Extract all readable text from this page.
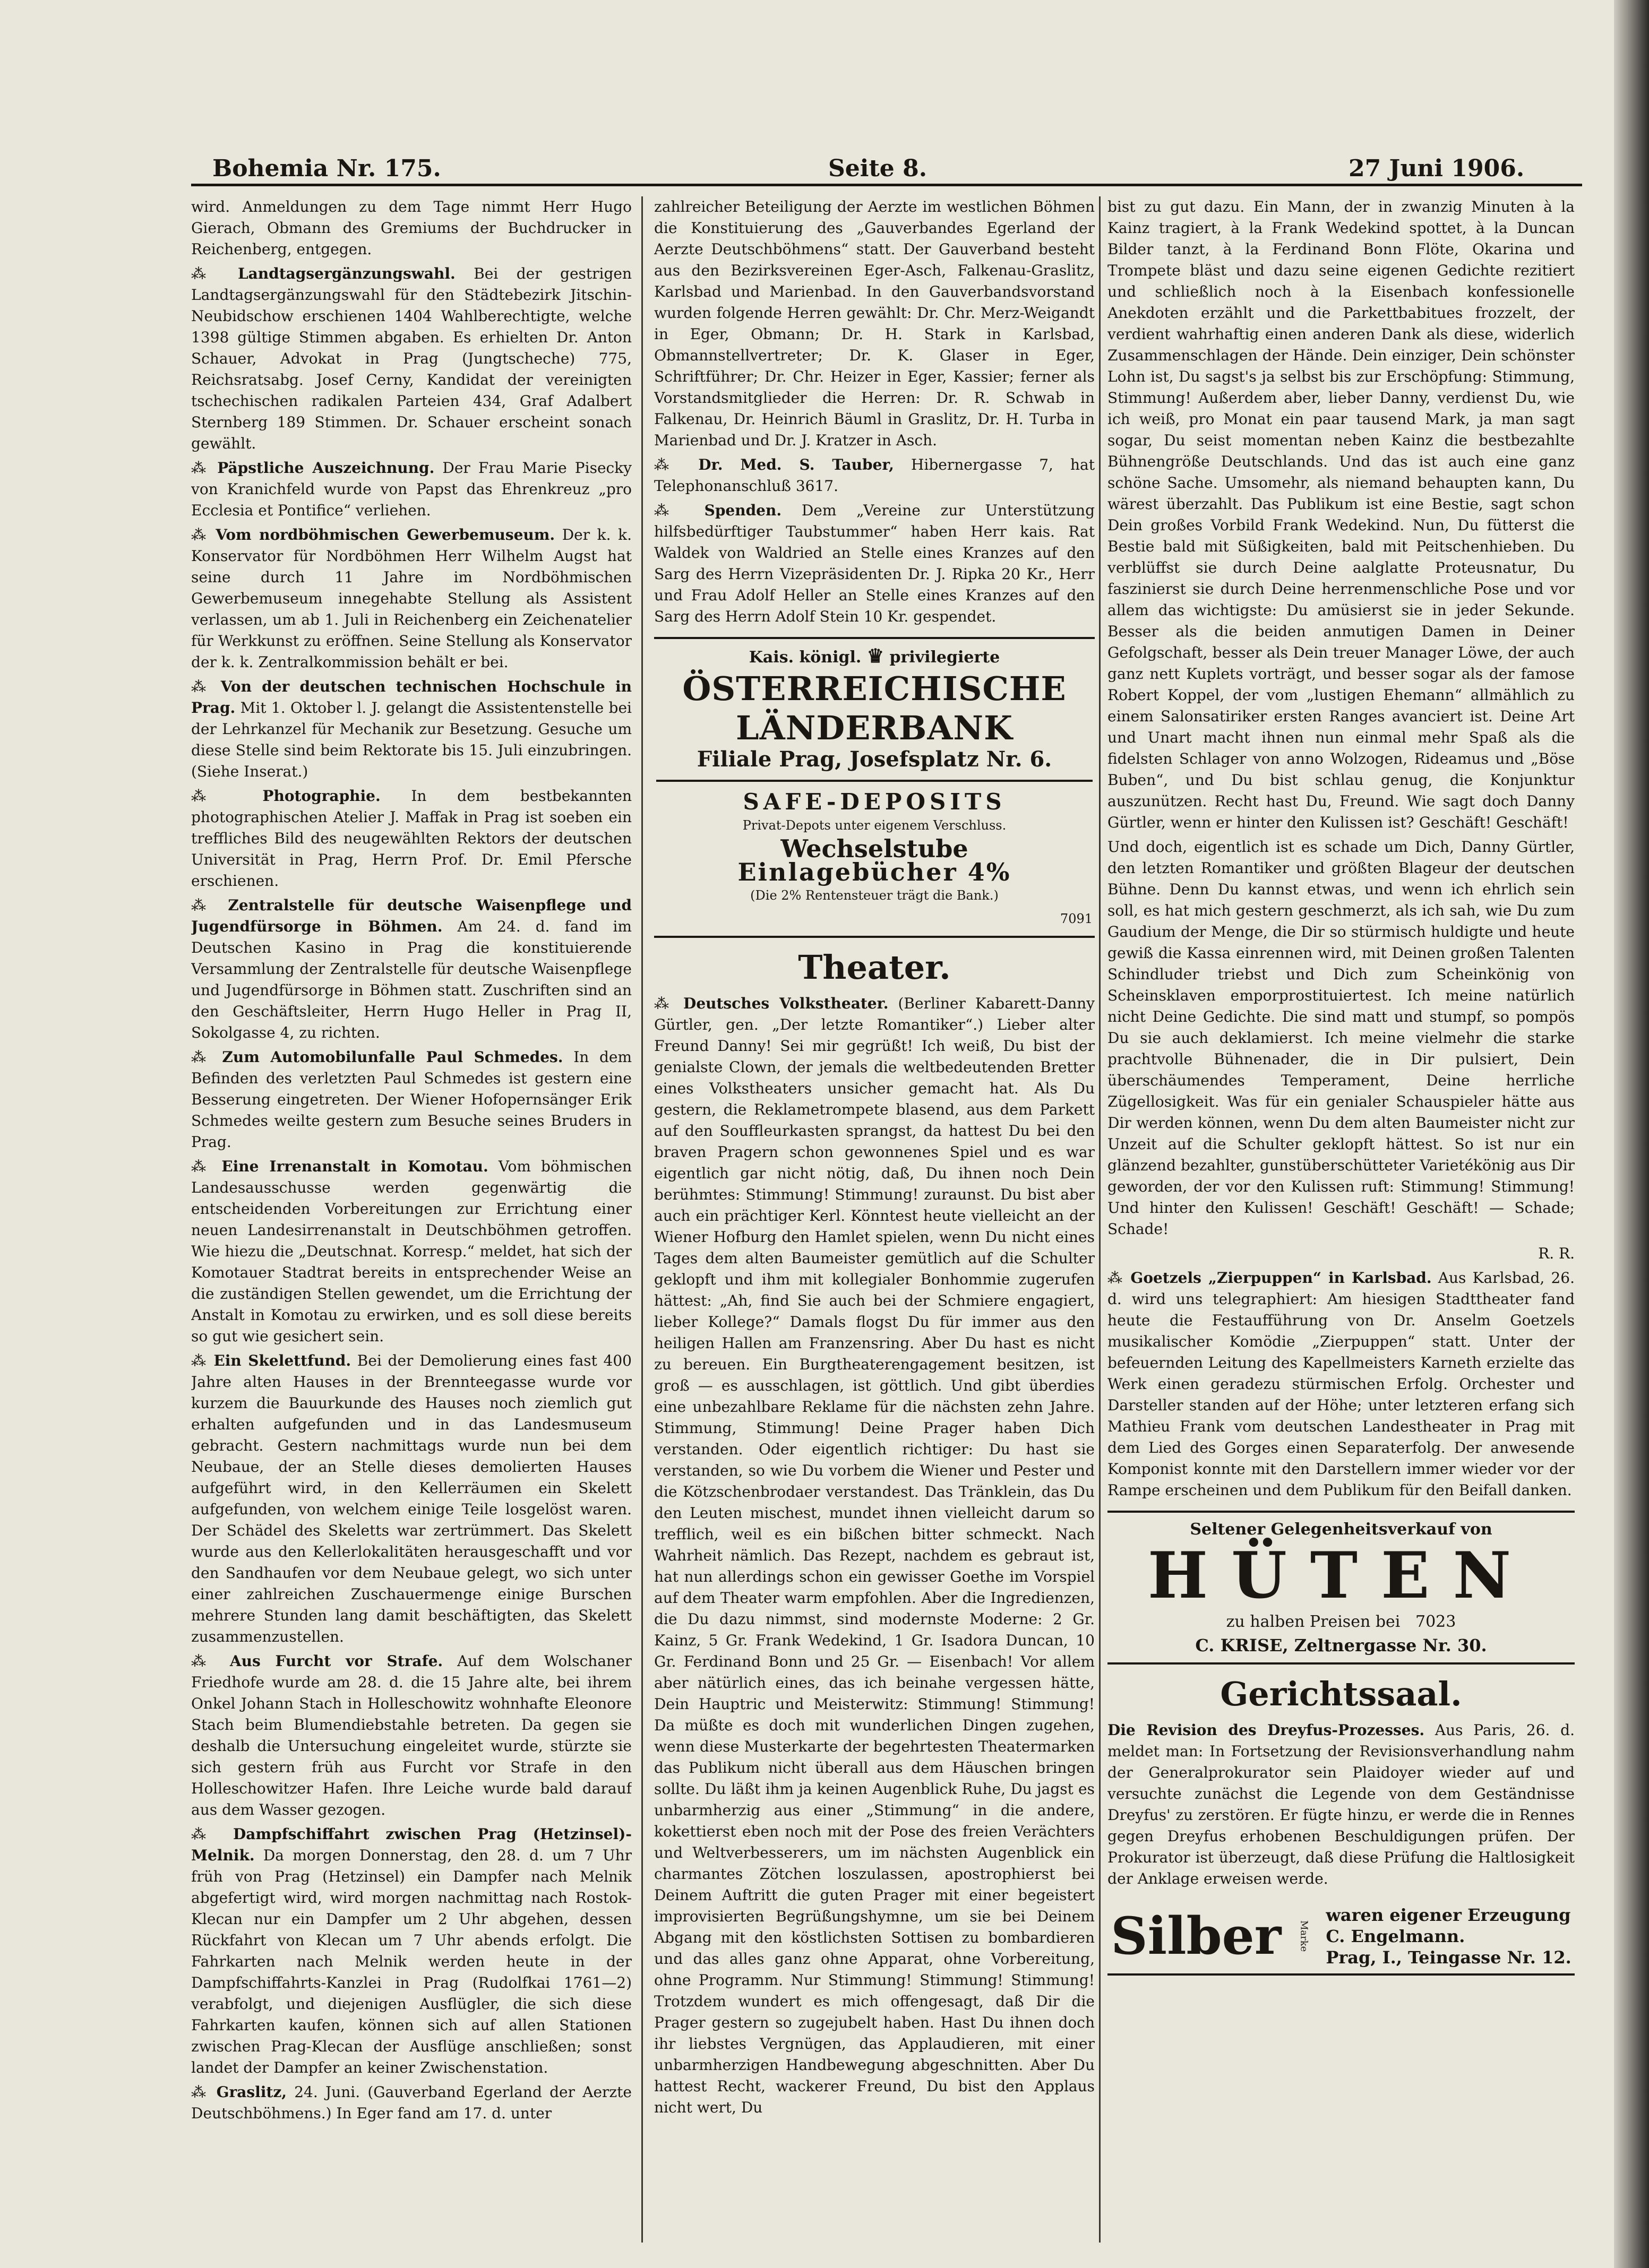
Bohemia Nr. 175.	Seite 8.	27 Juni 1906.

wird. Anmeldungen zu dem Tage nimmt Herr Hugo Gierach, Obmann des Gremiums der Buchdrucker in Reichenberg, entgegen.

⁂ Landtagsergänzungswahl. Bei der gestrigen Landtagsergänzungswahl für den Städtebezirk Jitschin-Neubidschow erschienen 1404 Wahlberechtigte, welche 1398 gültige Stimmen abgaben. Es erhielten Dr. Anton Schauer, Advokat in Prag (Jungtscheche) 775, Reichsratsabg. Josef Cerny, Kandidat der vereinigten tschechischen radikalen Parteien 434, Graf Adalbert Sternberg 189 Stimmen. Dr. Schauer erscheint sonach gewählt.

⁂ Päpstliche Auszeichnung. Der Frau Marie Pisecky von Kranichfeld wurde von Papst das Ehrenkreuz „pro Ecclesia et Pontifice“ verliehen.

⁂ Vom nordböhmischen Gewerbemuseum. Der k. k. Konservator für Nordböhmen Herr Wilhelm Augst hat seine durch 11 Jahre im Nordböhmischen Gewerbemuseum innegehabte Stellung als Assistent verlassen, um ab 1. Juli in Reichenberg ein Zeichenatelier für Werkkunst zu eröffnen. Seine Stellung als Konservator der k. k. Zentralkommission behält er bei.

⁂ Von der deutschen technischen Hochschule in Prag. Mit 1. Oktober l. J. gelangt die Assistentenstelle bei der Lehrkanzel für Mechanik zur Besetzung. Gesuche um diese Stelle sind beim Rektorate bis 15. Juli einzubringen. (Siehe Inserat.)

⁂ Photographie. In dem bestbekannten photographischen Atelier J. Maffak in Prag ist soeben ein treffliches Bild des neugewählten Rektors der deutschen Universität in Prag, Herrn Prof. Dr. Emil Pfersche erschienen.

⁂ Zentralstelle für deutsche Waisenpflege und Jugendfürsorge in Böhmen. Am 24. d. fand im Deutschen Kasino in Prag die konstituierende Versammlung der Zentralstelle für deutsche Waisenpflege und Jugendfürsorge in Böhmen statt. Zuschriften sind an den Geschäftsleiter, Herrn Hugo Heller in Prag II, Sokolgasse 4, zu richten.

⁂ Zum Automobilunfalle Paul Schmedes. In dem Befinden des verletzten Paul Schmedes ist gestern eine Besserung eingetreten. Der Wiener Hofopernsänger Erik Schmedes weilte gestern zum Besuche seines Bruders in Prag.

⁂ Eine Irrenanstalt in Komotau. Vom böhmischen Landesausschusse werden gegenwärtig die entscheidenden Vorbereitungen zur Errichtung einer neuen Landesirrenanstalt in Deutschböhmen getroffen. Wie hiezu die „Deutschnat. Korresp.“ meldet, hat sich der Komotauer Stadtrat bereits in entsprechender Weise an die zuständigen Stellen gewendet, um die Errichtung der Anstalt in Komotau zu erwirken, und es soll diese bereits so gut wie gesichert sein.

⁂ Ein Skelettfund. Bei der Demolierung eines fast 400 Jahre alten Hauses in der Brennteegasse wurde vor kurzem die Bauurkunde des Hauses noch ziemlich gut erhalten aufgefunden und in das Landesmuseum gebracht. Gestern nachmittags wurde nun bei dem Neubaue, der an Stelle dieses demolierten Hauses aufgeführt wird, in den Kellerräumen ein Skelett aufgefunden, von welchem einige Teile losgelöst waren. Der Schädel des Skeletts war zertrümmert. Das Skelett wurde aus den Kellerlokalitäten herausgeschafft und vor den Sandhaufen vor dem Neubaue gelegt, wo sich unter einer zahlreichen Zuschauermenge einige Burschen mehrere Stunden lang damit beschäftigten, das Skelett zusammenzustellen.

⁂ Aus Furcht vor Strafe. Auf dem Wolschaner Friedhofe wurde am 28. d. die 15 Jahre alte, bei ihrem Onkel Johann Stach in Holleschowitz wohnhafte Eleonore Stach beim Blumendiebstahle betreten. Da gegen sie deshalb die Untersuchung eingeleitet wurde, stürzte sie sich gestern früh aus Furcht vor Strafe in den Holleschowitzer Hafen. Ihre Leiche wurde bald darauf aus dem Wasser gezogen.

⁂ Dampfschiffahrt zwischen Prag (Hetzinsel)-Melnik. Da morgen Donnerstag, den 28. d. um 7 Uhr früh von Prag (Hetzinsel) ein Dampfer nach Melnik abgefertigt wird, wird morgen nachmittag nach Rostok-Klecan nur ein Dampfer um 2 Uhr abgehen, dessen Rückfahrt von Klecan um 7 Uhr abends erfolgt. Die Fahrkarten nach Melnik werden heute in der Dampfschiffahrts-Kanzlei in Prag (Rudolfkai 1761—2) verabfolgt, und diejenigen Ausflügler, die sich diese Fahrkarten kaufen, können sich auf allen Stationen zwischen Prag-Klecan der Ausflüge anschließen; sonst landet der Dampfer an keiner Zwischenstation.

⁂ Graslitz, 24. Juni. (Gauverband Egerland der Aerzte Deutschböhmens.) In Eger fand am 17. d. unter

zahlreicher Beteiligung der Aerzte im westlichen Böhmen die Konstituierung des „Gauverbandes Egerland der Aerzte Deutschböhmens“ statt. Der Gauverband besteht aus den Bezirksvereinen Eger-Asch, Falkenau-Graslitz, Karlsbad und Marienbad. In den Gauverbandsvorstand wurden folgende Herren gewählt: Dr. Chr. Merz-Weigandt in Eger, Obmann; Dr. H. Stark in Karlsbad, Obmannstellvertreter; Dr. K. Glaser in Eger, Schriftführer; Dr. Chr. Heizer in Eger, Kassier; ferner als Vorstandsmitglieder die Herren: Dr. R. Schwab in Falkenau, Dr. Heinrich Bäuml in Graslitz, Dr. H. Turba in Marienbad und Dr. J. Kratzer in Asch.

⁂ Dr. Med. S. Tauber, Hibernergasse 7, hat Telephonanschluß 3617.

⁂ Spenden. Dem „Vereine zur Unterstützung hilfsbedürftiger Taubstummer“ haben Herr kais. Rat Waldek von Waldried an Stelle eines Kranzes auf den Sarg des Herrn Vizepräsidenten Dr. J. Ripka 20 Kr., Herr und Frau Adolf Heller an Stelle eines Kranzes auf den Sarg des Herrn Adolf Stein 10 Kr. gespendet.

Kais. königl. ♛ privilegierte
ÖSTERREICHISCHE LÄNDERBANK
Filiale Prag, Josefsplatz Nr. 6.
SAFE-DEPOSITS
Privat-Depots unter eigenem Verschluss.
Wechselstube
Einlagebücher 4%
(Die 2% Rentensteuer trägt die Bank.)
7091
Theater.

⁂ Deutsches Volkstheater. (Berliner Kabarett-Danny Gürtler, gen. „Der letzte Romantiker“.) Lieber alter Freund Danny! Sei mir gegrüßt! Ich weiß, Du bist der genialste Clown, der jemals die weltbedeutenden Bretter eines Volkstheaters unsicher gemacht hat. Als Du gestern, die Reklametrompete blasend, aus dem Parkett auf den Souffleurkasten sprangst, da hattest Du bei den braven Pragern schon gewonnenes Spiel und es war eigentlich gar nicht nötig, daß, Du ihnen noch Dein berühmtes: Stimmung! Stimmung! zuraunst. Du bist aber auch ein prächtiger Kerl. Könntest heute vielleicht an der Wiener Hofburg den Hamlet spielen, wenn Du nicht eines Tages dem alten Baumeister gemütlich auf die Schulter geklopft und ihm mit kollegialer Bonhommie zugerufen hättest: „Ah, find Sie auch bei der Schmiere engagiert, lieber Kollege?“ Damals flogst Du für immer aus den heiligen Hallen am Franzensring. Aber Du hast es nicht zu bereuen. Ein Burgtheaterengagement besitzen, ist groß — es ausschlagen, ist göttlich. Und gibt überdies eine unbezahlbare Reklame für die nächsten zehn Jahre. Stimmung, Stimmung! Deine Prager haben Dich verstanden. Oder eigentlich richtiger: Du hast sie verstanden, so wie Du vorbem die Wiener und Pester und die Kötzschenbrodaer verstandest. Das Tränklein, das Du den Leuten mischest, mundet ihnen vielleicht darum so trefflich, weil es ein bißchen bitter schmeckt. Nach Wahrheit nämlich. Das Rezept, nachdem es gebraut ist, hat nun allerdings schon ein gewisser Goethe im Vorspiel auf dem Theater warm empfohlen. Aber die Ingredienzen, die Du dazu nimmst, sind modernste Moderne: 2 Gr. Kainz, 5 Gr. Frank Wedekind, 1 Gr. Isadora Duncan, 10 Gr. Ferdinand Bonn und 25 Gr. — Eisenbach! Vor allem aber nätürlich eines, das ich beinahe vergessen hätte, Dein Hauptric und Meisterwitz: Stimmung! Stimmung! Da müßte es doch mit wunderlichen Dingen zugehen, wenn diese Musterkarte der begehrtesten Theatermarken das Publikum nicht überall aus dem Häuschen bringen sollte. Du läßt ihm ja keinen Augenblick Ruhe, Du jagst es unbarmherzig aus einer „Stimmung“ in die andere, kokettierst eben noch mit der Pose des freien Verächters und Weltverbesserers, um im nächsten Augenblick ein charmantes Zötchen loszulassen, apostrophierst bei Deinem Auftritt die guten Prager mit einer begeistert improvisierten Begrüßungshymne, um sie bei Deinem Abgang mit den köstlichsten Sottisen zu bombardieren und das alles ganz ohne Apparat, ohne Vorbereitung, ohne Programm. Nur Stimmung! Stimmung! Stimmung! Trotzdem wundert es mich offengesagt, daß Dir die Prager gestern so zugejubelt haben. Hast Du ihnen doch ihr liebstes Vergnügen, das Applaudieren, mit einer unbarmherzigen Handbewegung abgeschnitten. Aber Du hattest Recht, wackerer Freund, Du bist den Applaus nicht wert, Du

bist zu gut dazu. Ein Mann, der in zwanzig Minuten à la Kainz tragiert, à la Frank Wedekind spottet, à la Duncan Bilder tanzt, à la Ferdinand Bonn Flöte, Okarina und Trompete bläst und dazu seine eigenen Gedichte rezitiert und schließlich noch à la Eisenbach konfessionelle Anekdoten erzählt und die Parkettbabitues frozzelt, der verdient wahrhaftig einen anderen Dank als diese, widerlich Zusammenschlagen der Hände. Dein einziger, Dein schönster Lohn ist, Du sagst's ja selbst bis zur Erschöpfung: Stimmung, Stimmung! Außerdem aber, lieber Danny, verdienst Du, wie ich weiß, pro Monat ein paar tausend Mark, ja man sagt sogar, Du seist momentan neben Kainz die bestbezahlte Bühnengröße Deutschlands. Und das ist auch eine ganz schöne Sache. Umsomehr, als niemand behaupten kann, Du wärest überzahlt. Das Publikum ist eine Bestie, sagt schon Dein großes Vorbild Frank Wedekind. Nun, Du fütterst die Bestie bald mit Süßigkeiten, bald mit Peitschenhieben. Du verblüffst sie durch Deine aalglatte Proteusnatur, Du faszinierst sie durch Deine herrenmenschliche Pose und vor allem das wichtigste: Du amüsierst sie in jeder Sekunde. Besser als die beiden anmutigen Damen in Deiner Gefolgschaft, besser als Dein treuer Manager Löwe, der auch ganz nett Kuplets vorträgt, und besser sogar als der famose Robert Koppel, der vom „lustigen Ehemann“ allmählich zu einem Salonsatiriker ersten Ranges avanciert ist. Deine Art und Unart macht ihnen nun einmal mehr Spaß als die fidelsten Schlager von anno Wolzogen, Rideamus und „Böse Buben“, und Du bist schlau genug, die Konjunktur auszunützen. Recht hast Du, Freund. Wie sagt doch Danny Gürtler, wenn er hinter den Kulissen ist? Geschäft! Geschäft!

Und doch, eigentlich ist es schade um Dich, Danny Gürtler, den letzten Romantiker und größten Blageur der deutschen Bühne. Denn Du kannst etwas, und wenn ich ehrlich sein soll, es hat mich gestern geschmerzt, als ich sah, wie Du zum Gaudium der Menge, die Dir so stürmisch huldigte und heute gewiß die Kassa einrennen wird, mit Deinen großen Talenten Schindluder triebst und Dich zum Scheinkönig von Scheinsklaven emporprostituiertest. Ich meine natürlich nicht Deine Gedichte. Die sind matt und stumpf, so pompös Du sie auch deklamierst. Ich meine vielmehr die starke prachtvolle Bühnenader, die in Dir pulsiert, Dein überschäumendes Temperament, Deine herrliche Zügellosigkeit. Was für ein genialer Schauspieler hätte aus Dir werden können, wenn Du dem alten Baumeister nicht zur Unzeit auf die Schulter geklopft hättest. So ist nur ein glänzend bezahlter, gunstüberschütteter Varietékönig aus Dir geworden, der vor den Kulissen ruft: Stimmung! Stimmung! Und hinter den Kulissen! Geschäft! Geschäft! — Schade; Schade!

R. R.

⁂ Goetzels „Zierpuppen“ in Karlsbad. Aus Karlsbad, 26. d. wird uns telegraphiert: Am hiesigen Stadttheater fand heute die Festaufführung von Dr. Anselm Goetzels musikalischer Komödie „Zierpuppen“ statt. Unter der befeuernden Leitung des Kapellmeisters Karneth erzielte das Werk einen geradezu stürmischen Erfolg. Orchester und Darsteller standen auf der Höhe; unter letzteren erfang sich Mathieu Frank vom deutschen Landestheater in Prag mit dem Lied des Gorges einen Separaterfolg. Der anwesende Komponist konnte mit den Darstellern immer wieder vor der Rampe erscheinen und dem Publikum für den Beifall danken.

Seltener Gelegenheitsverkauf von
HÜTEN
zu halben Preisen bei 7023
C. KRISE, Zeltnergasse Nr. 30.
Gerichtssaal.

Die Revision des Dreyfus-Prozesses. Aus Paris, 26. d. meldet man: In Fortsetzung der Revisionsverhandlung nahm der Generalprokurator sein Plaidoyer wieder auf und versuchte zunächst die Legende von dem Geständnisse Dreyfus' zu zerstören. Er fügte hinzu, er werde die in Rennes gegen Dreyfus erhobenen Beschuldigungen prüfen. Der Prokurator ist überzeugt, daß diese Prüfung die Haltlosigkeit der Anklage erweisen werde.

Silber	Marke
waren eigener Erzeugung
C. Engelmann.
Prag, I., Teingasse Nr. 12.
